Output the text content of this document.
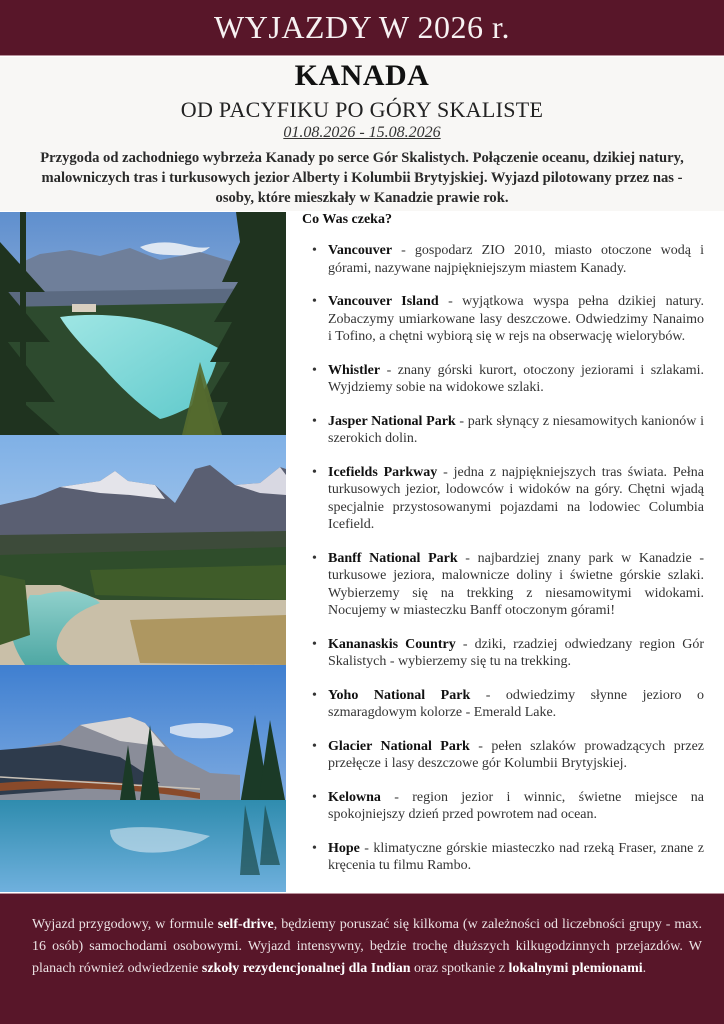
WYJAZDY W 2026 r.
KANADA
OD PACYFIKU PO GÓRY SKALISTE
01.08.2026 - 15.08.2026

Przygoda od zachodniego wybrzeża Kanady po serce Gór Skalistych. Połączenie oceanu, dzikiej natury, malowniczych tras i turkusowych jezior Alberty i Kolumbii Brytyjskiej. Wyjazd pilotowany przez nas - osoby, które mieszkały w Kanadzie prawie rok.

Co Was czeka?
• Vancouver - gospodarz ZIO 2010, miasto otoczone wodą i górami, nazywane najpiękniejszym miastem Kanady.
• Vancouver Island - wyjątkowa wyspa pełna dzikiej natury. Zobaczymy umiarkowane lasy deszczowe. Odwiedzimy Nanaimo i Tofino, a chętni wybiorą się w rejs na obserwację wielorybów.
• Whistler - znany górski kurort, otoczony jeziorami i szlakami. Wyjdziemy sobie na widokowe szlaki.
• Jasper National Park - park słynący z niesamowitych kanionów i szerokich dolin.
• Icefields Parkway - jedna z najpiękniejszych tras świata. Pełna turkusowych jezior, lodowców i widoków na góry. Chętni wjadą specjalnie przystosowanymi pojazdami na lodowiec Columbia Icefield.
• Banff National Park - najbardziej znany park w Kanadzie - turkusowe jeziora, malownicze doliny i świetne górskie szlaki. Wybierzemy się na trekking z niesamowitymi widokami. Nocujemy w miasteczku Banff otoczonym górami!
• Kananaskis Country - dziki, rzadziej odwiedzany region Gór Skalistych - wybierzemy się tu na trekking.
• Yoho National Park - odwiedzimy słynne jezioro o szmaragdowym kolorze - Emerald Lake.
• Glacier National Park - pełen szlaków prowadzących przez przełęcze i lasy deszczowe gór Kolumbii Brytyjskiej.
• Kelowna - region jezior i winnic, świetne miejsce na spokojniejszy dzień przed powrotem nad ocean.
• Hope - klimatyczne górskie miasteczko nad rzeką Fraser, znane z kręcenia tu filmu Rambo.

Wyjazd przygodowy, w formule self-drive, będziemy poruszać się kilkoma (w zależności od liczebności grupy - max. 16 osób) samochodami osobowymi. Wyjazd intensywny, będzie trochę dłuższych kilkugodzinnych przejazdów. W planach również odwiedzenie szkoły rezydencjonalnej dla Indian oraz spotkanie z lokalnymi plemionami.
